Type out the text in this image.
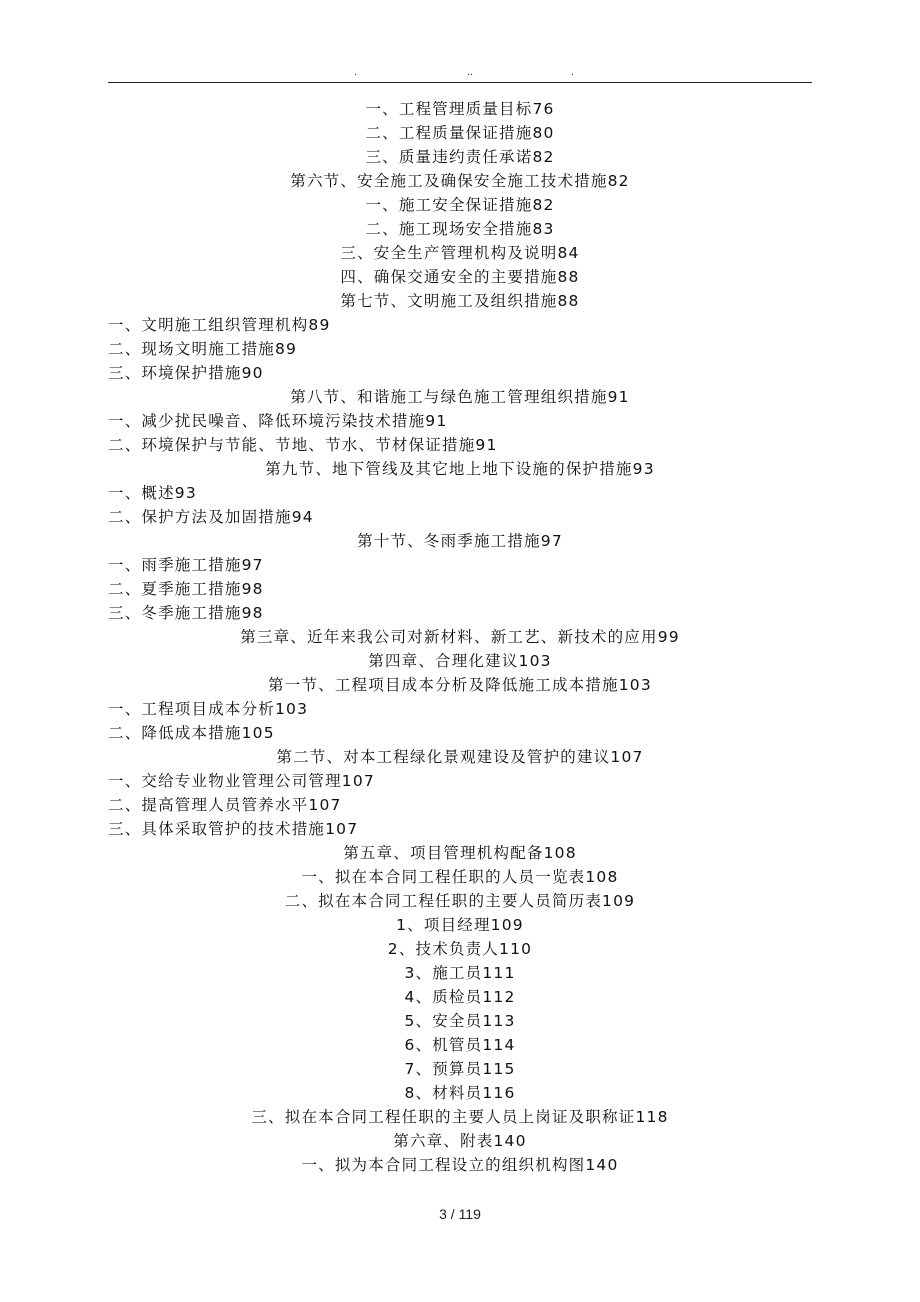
.	..	.
一、工程管理质量目标76
二、工程质量保证措施80
三、质量违约责任承诺82
第六节、安全施工及确保安全施工技术措施82
一、施工安全保证措施82
二、施工现场安全措施83
三、安全生产管理机构及说明84
四、确保交通安全的主要措施88
第七节、文明施工及组织措施88
一、文明施工组织管理机构89
二、现场文明施工措施89
三、环境保护措施90
第八节、和谐施工与绿色施工管理组织措施91
一、减少扰民噪音、降低环境污染技术措施91
二、环境保护与节能、节地、节水、节材保证措施91
第九节、地下管线及其它地上地下设施的保护措施93
一、概述93
二、保护方法及加固措施94
第十节、冬雨季施工措施97
一、雨季施工措施97
二、夏季施工措施98
三、冬季施工措施98
第三章、近年来我公司对新材料、新工艺、新技术的应用99
第四章、合理化建议103
第一节、工程项目成本分析及降低施工成本措施103
一、工程项目成本分析103
二、降低成本措施105
第二节、对本工程绿化景观建设及管护的建议107
一、交给专业物业管理公司管理107
二、提高管理人员管养水平107
三、具体采取管护的技术措施107
第五章、项目管理机构配备108
一、拟在本合同工程任职的人员一览表108
二、拟在本合同工程任职的主要人员简历表109
1、项目经理109
2、技术负责人110
3、施工员111
4、质检员112
5、安全员113
6、机管员114
7、预算员115
8、材料员116
三、拟在本合同工程任职的主要人员上岗证及职称证118
第六章、附表140
一、拟为本合同工程设立的组织机构图140
3 / 119
